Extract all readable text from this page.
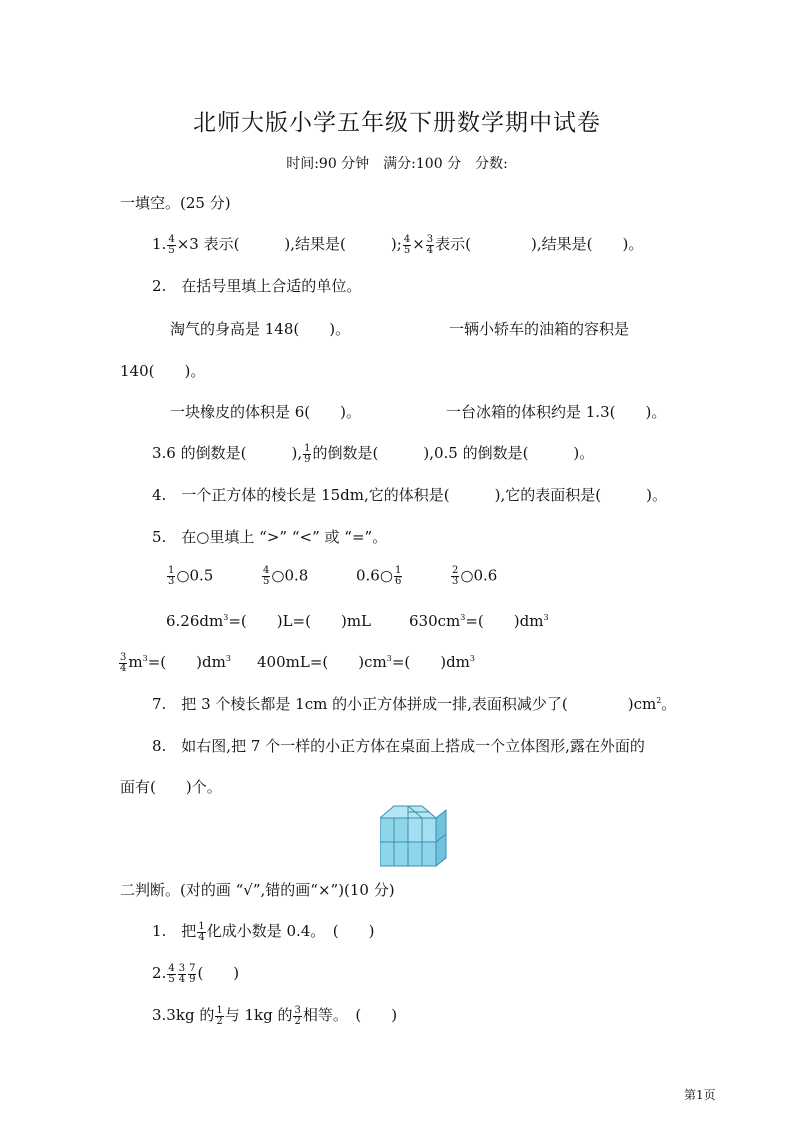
北师大版小学五年级下册数学期中试卷
时间:90 分钟　满分:100 分　分数:
一填空。(25 分)
1. $\frac{4}{5} \times 3$ 表示(　　　),结果是(　　　); $\frac{4}{5} \times \frac{3}{4}$ 表示(　　　　),结果是(　　)。
2.　在括号里填上合适的单位。
淘气的身高是 148(　　)。	一辆小轿车的油箱的容积是
140(　　)。
一块橡皮的体积是 6(　　)。	一台冰箱的体积约是 1.3(　　)。
3.6 的倒数是(　　　), $\frac{1}{9}$ 的倒数是(　　　),0.5 的倒数是(　　　)。
4.　一个正方体的棱长是 15dm,它的体积是(　　　),它的表面积是(　　　)。
5.　在○里填上 “>” “<” 或 “=”。
$\frac{1}{3}$ ○0.5	$\frac{4}{5}$ ○0.8	0.6○ $\frac{1}{6}$	$\frac{2}{3}$ ○0.6
$6.26dm^3=$(　　)L=(　　)mL	$630cm^3=$(　　)$dm^3$
$\frac{3}{4} m^3=$(　　)$dm^3$ 400mL=(　　)$cm^3=$(　　)$dm^3$
7.　把 3 个棱长都是 1cm 的小正方体拼成一排,表面积减少了(　　　　)$cm^2$。
8.　如右图,把 7 个一样的小正方体在桌面上搭成一个立体图形,露在外面的
面有(　　)个。
二判断。(对的画 “√”,错的画“×”)(10 分)
1.　把 $\frac{1}{4}$ 化成小数是 0.4。　(　　)
2. $\frac{4}{5} \frac{3}{4} \frac{7}{9}$ (　　)
3.3kg 的 $\frac{1}{2}$ 与 1kg 的 $\frac{3}{2}$ 相等。　(　　)
第1页
